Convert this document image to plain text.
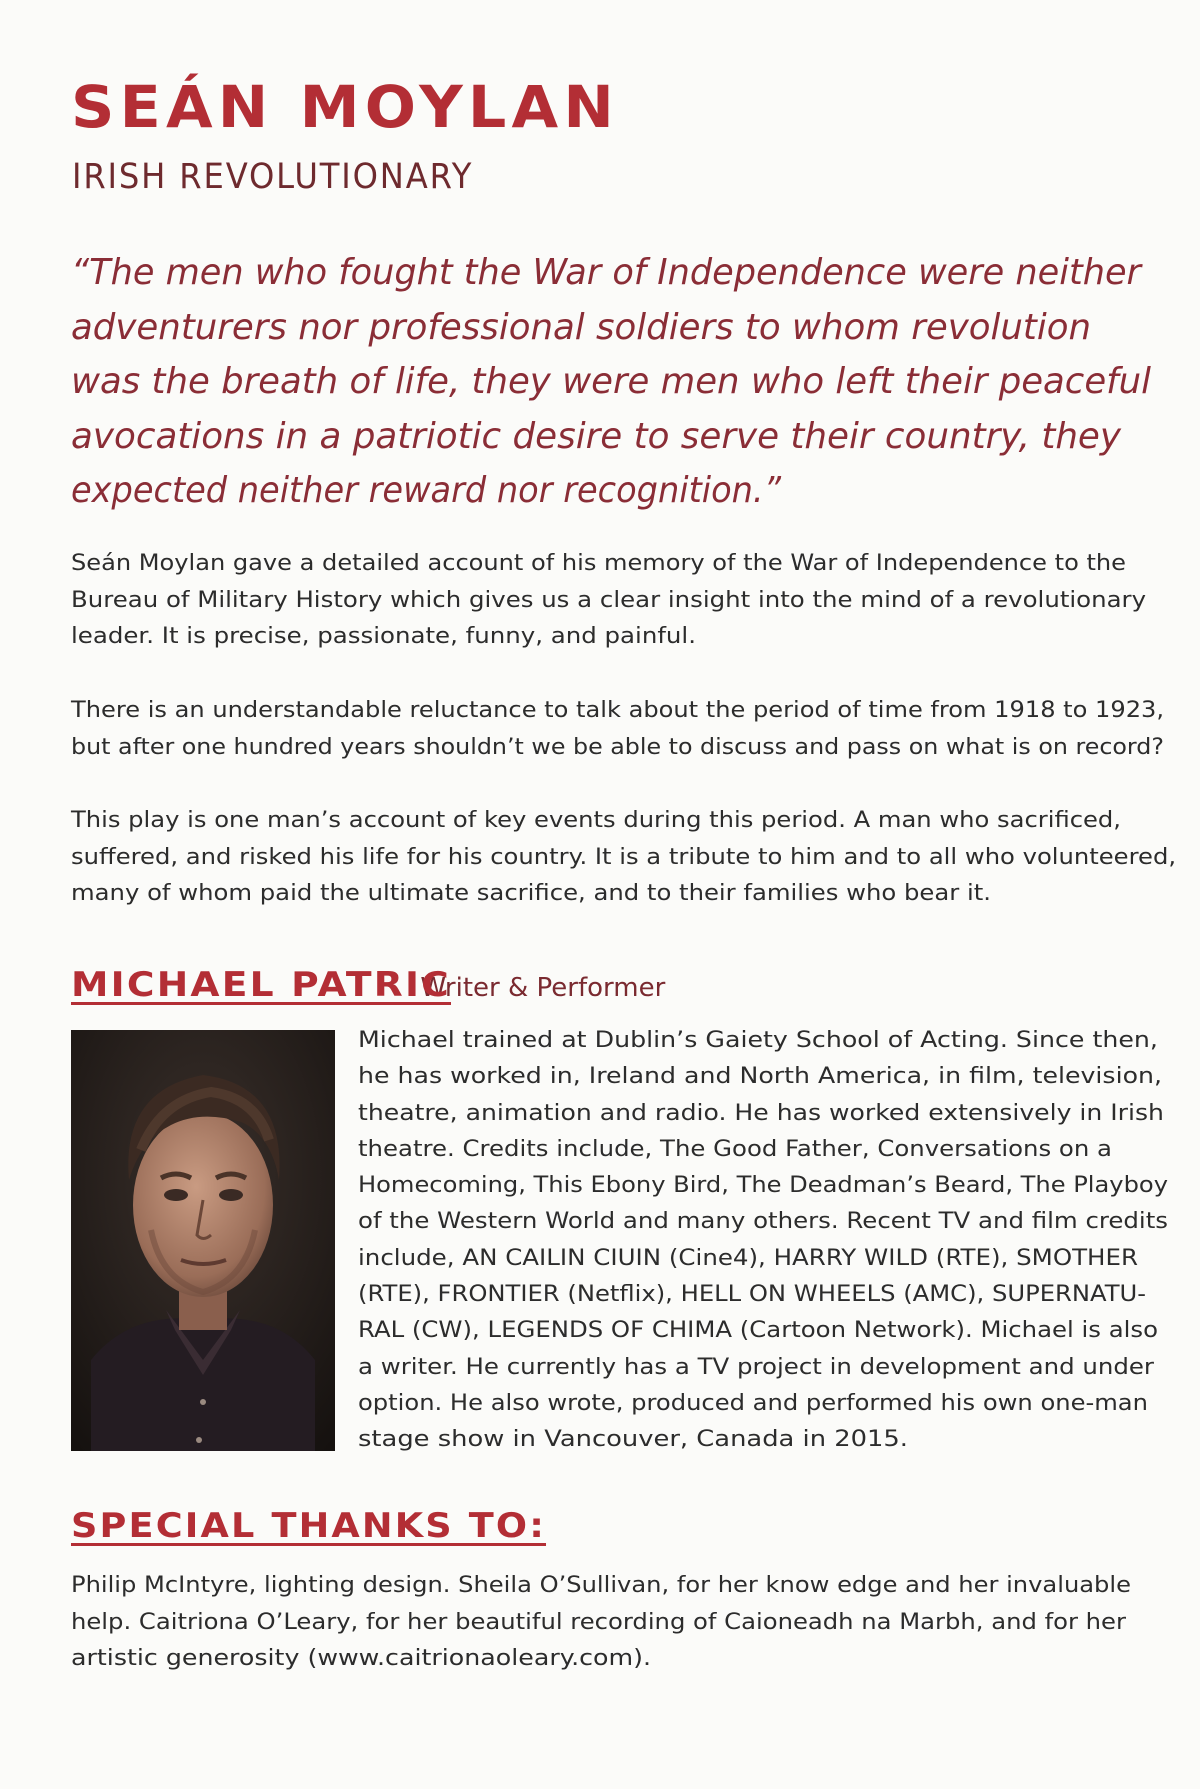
SEÁN MOYLAN
IRISH REVOLUTIONARY

“The men who fought the War of Independence were neither
adventurers nor professional soldiers to whom revolution
was the breath of life, they were men who left their peaceful
avocations in a patriotic desire to serve their country, they
expected neither reward nor recognition.”

Seán Moylan gave a detailed account of his memory of the War of Independence to the
Bureau of Military History which gives us a clear insight into the mind of a revolutionary
leader. It is precise, passionate, funny, and painful.

There is an understandable reluctance to talk about the period of time from 1918 to 1923,
but after one hundred years shouldn’t we be able to discuss and pass on what is on record?

This play is one man’s account of key events during this period. A man who sacrificed,
suffered, and risked his life for his country. It is a tribute to him and to all who volunteered,
many of whom paid the ultimate sacrifice, and to their families who bear it.

MICHAEL PATRICWriter & Performer

Michael trained at Dublin’s Gaiety School of Acting. Since then,
he has worked in, Ireland and North America, in film, television,
theatre, animation and radio. He has worked extensively in Irish
theatre. Credits include, The Good Father, Conversations on a
Homecoming, This Ebony Bird, The Deadman’s Beard, The Playboy
of the Western World and many others. Recent TV and film credits
include, AN CAILIN CIUIN (Cine4), HARRY WILD (RTE), SMOTHER
(RTE), FRONTIER (Netflix), HELL ON WHEELS (AMC), SUPERNATU-
RAL (CW), LEGENDS OF CHIMA (Cartoon Network). Michael is also
a writer. He currently has a TV project in development and under
option. He also wrote, produced and performed his own one-man
stage show in Vancouver, Canada in 2015.

SPECIAL THANKS TO:

Philip McIntyre, lighting design. Sheila O’Sullivan, for her know edge and her invaluable
help. Caitriona O’Leary, for her beautiful recording of Caioneadh na Marbh, and for her
artistic generosity (www.caitrionaoleary.com).
